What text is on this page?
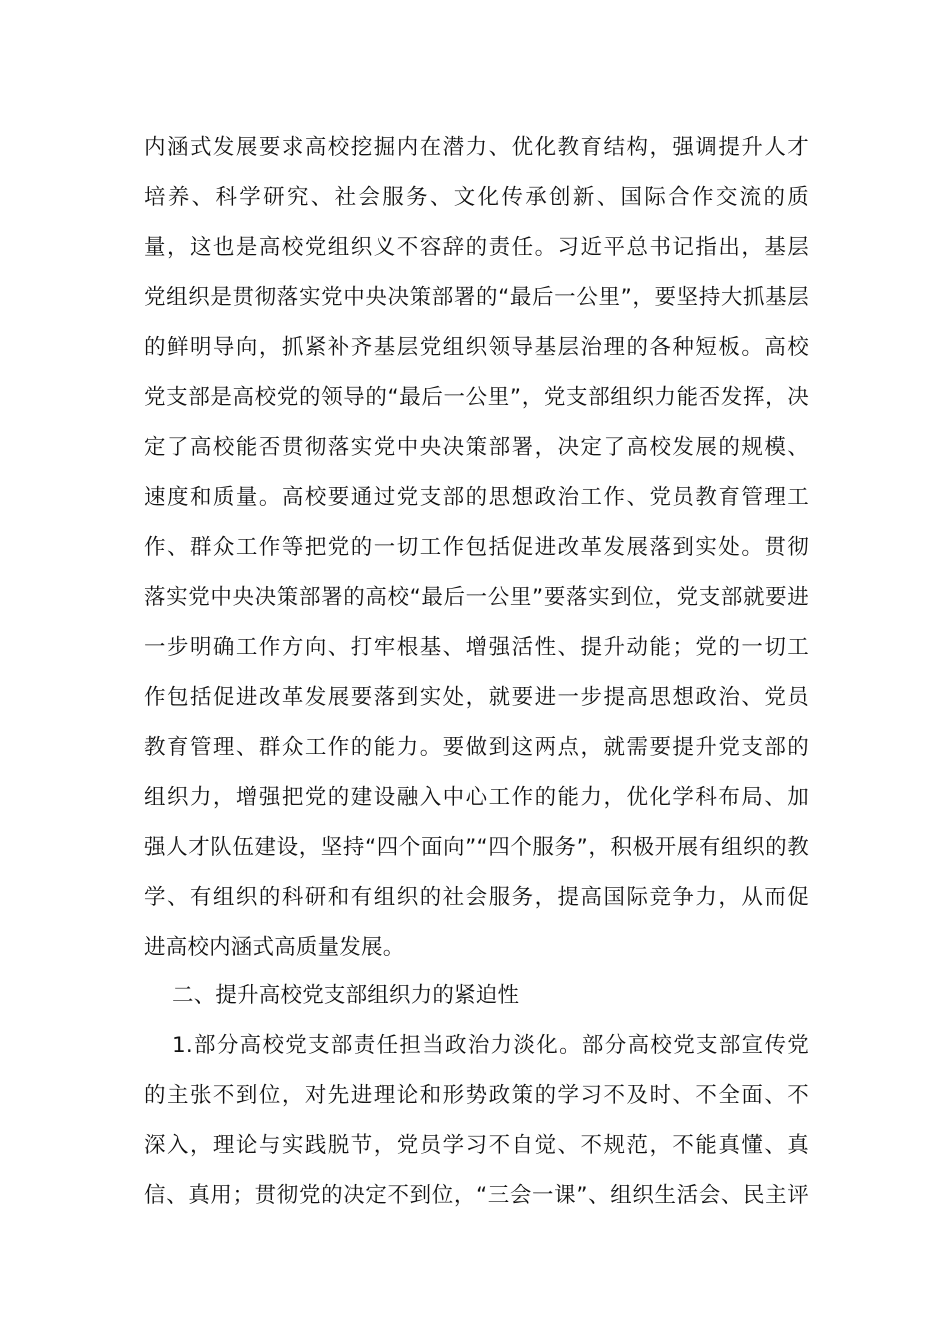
内涵式发展要求高校挖掘内在潜力、优化教育结构，强调提升人才
培养、科学研究、社会服务、文化传承创新、国际合作交流的质
量，这也是高校党组织义不容辞的责任。习近平总书记指出，基层
党组织是贯彻落实党中央决策部署的“最后一公里”，要坚持大抓基层
的鲜明导向，抓紧补齐基层党组织领导基层治理的各种短板。高校
党支部是高校党的领导的“最后一公里”，党支部组织力能否发挥，决
定了高校能否贯彻落实党中央决策部署，决定了高校发展的规模、
速度和质量。高校要通过党支部的思想政治工作、党员教育管理工
作、群众工作等把党的一切工作包括促进改革发展落到实处。贯彻
落实党中央决策部署的高校“最后一公里”要落实到位，党支部就要进
一步明确工作方向、打牢根基、增强活性、提升动能；党的一切工
作包括促进改革发展要落到实处，就要进一步提高思想政治、党员
教育管理、群众工作的能力。要做到这两点，就需要提升党支部的
组织力，增强把党的建设融入中心工作的能力，优化学科布局、加
强人才队伍建设，坚持“四个面向”“四个服务”，积极开展有组织的教
学、有组织的科研和有组织的社会服务，提高国际竞争力，从而促
进高校内涵式高质量发展。
二、提升高校党支部组织力的紧迫性
1.部分高校党支部责任担当政治力淡化。部分高校党支部宣传党
的主张不到位，对先进理论和形势政策的学习不及时、不全面、不
深入，理论与实践脱节，党员学习不自觉、不规范，不能真懂、真
信、真用；贯彻党的决定不到位，“三会一课”、组织生活会、民主评
